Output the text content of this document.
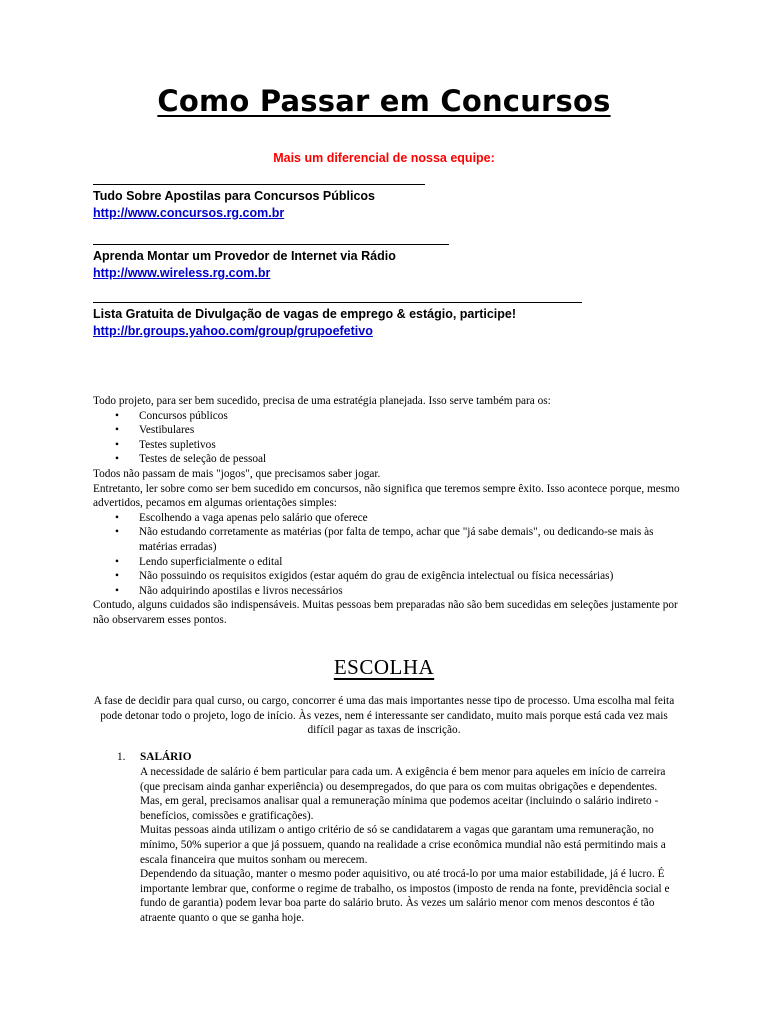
Como Passar em Concursos
Mais um diferencial de nossa equipe:
Tudo Sobre Apostilas para Concursos Públicos
http://www.concursos.rg.com.br
Aprenda Montar um Provedor de Internet via Rádio
http://www.wireless.rg.com.br
Lista Gratuita de Divulgação de vagas de emprego & estágio, participe!
http://br.groups.yahoo.com/group/grupoefetivo

Todo projeto, para ser bem sucedido, precisa de uma estratégia planejada. Isso serve também para os:

• Concursos públicos
• Vestibulares
• Testes supletivos
• Testes de seleção de pessoal

Todos não passam de mais "jogos", que precisamos saber jogar.

Entretanto, ler sobre como ser bem sucedido em concursos, não significa que teremos sempre êxito. Isso acontece porque, mesmo advertidos, pecamos em algumas orientações simples:

• Escolhendo a vaga apenas pelo salário que oferece
• Não estudando corretamente as matérias (por falta de tempo, achar que "já sabe demais", ou dedicando-se mais às matérias erradas)
• Lendo superficialmente o edital
• Não possuindo os requisitos exigidos (estar aquém do grau de exigência intelectual ou física necessárias)
• Não adquirindo apostilas e livros necessários

Contudo, alguns cuidados são indispensáveis. Muitas pessoas bem preparadas não são bem sucedidas em seleções justamente por não observarem esses pontos.

ESCOLHA
A fase de decidir para qual curso, ou cargo, concorrer é uma das mais importantes nesse tipo de processo. Uma escolha mal feita pode detonar todo o projeto, logo de início. Às vezes, nem é interessante ser candidato, muito mais porque está cada vez mais difícil pagar as taxas de inscrição.
1. SALÁRIO

A necessidade de salário é bem particular para cada um. A exigência é bem menor para aqueles em início de carreira (que precisam ainda ganhar experiência) ou desempregados, do que para os com muitas obrigações e dependentes. Mas, em geral, precisamos analisar qual a remuneração mínima que podemos aceitar (incluindo o salário indireto - benefícios, comissões e gratificações).

Muitas pessoas ainda utilizam o antigo critério de só se candidatarem a vagas que garantam uma remuneração, no mínimo, 50% superior a que já possuem, quando na realidade a crise econômica mundial não está permitindo mais a escala financeira que muitos sonham ou merecem.

Dependendo da situação, manter o mesmo poder aquisitivo, ou até trocá-lo por uma maior estabilidade, já é lucro. É importante lembrar que, conforme o regime de trabalho, os impostos (imposto de renda na fonte, previdência social e fundo de garantia) podem levar boa parte do salário bruto. Às vezes um salário menor com menos descontos é tão atraente quanto o que se ganha hoje.
